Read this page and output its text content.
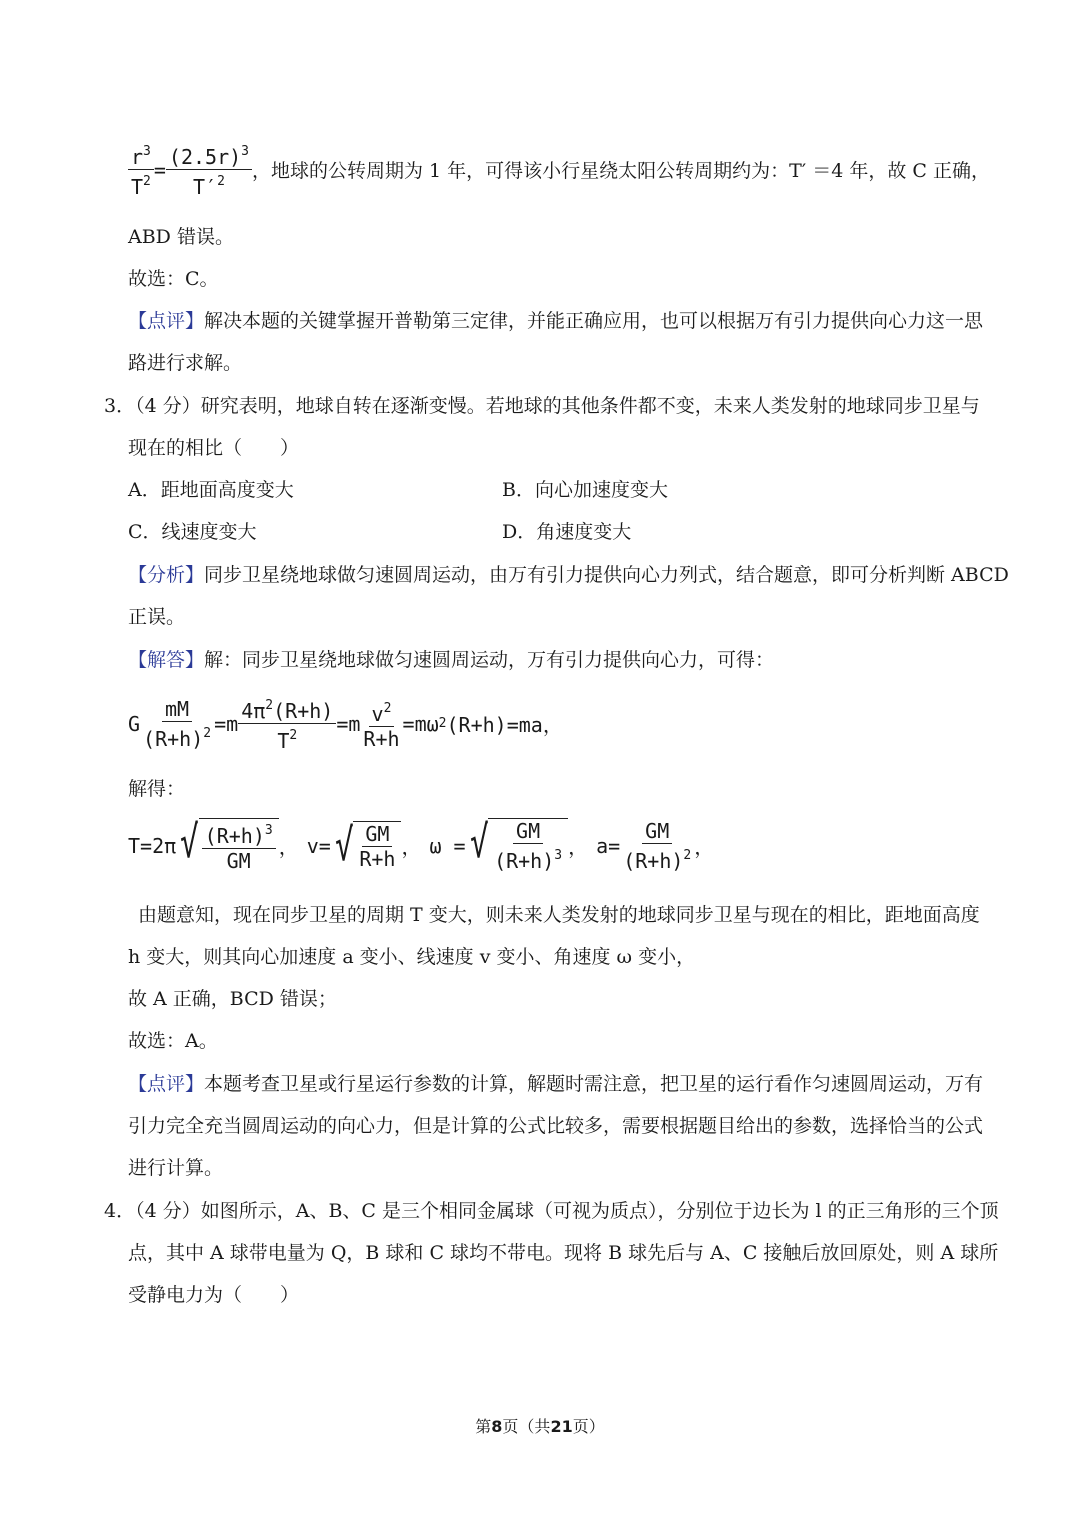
$\frac{r^3}{T^2} = \frac{(2.5r)^3}{T'^2}$ ，地球的公转周期为 1 年，可得该小行星绕太阳公转周期约为：T′ ＝4 年，故 C 正确，
ABD 错误。
故选：C。
【点评】解决本题的关键掌握开普勒第三定律，并能正确应用，也可以根据万有引力提供向心力这一思
路进行求解。
3．（4 分）研究表明，地球自转在逐渐变慢。若地球的其他条件都不变，未来人类发射的地球同步卫星与
现在的相比（　　）
A．距地面高度变大	B．向心加速度变大
C．线速度变大	D．角速度变大
【分析】同步卫星绕地球做匀速圆周运动，由万有引力提供向心力列式，结合题意，即可分析判断 ABCD
正误。
【解答】解：同步卫星绕地球做匀速圆周运动，万有引力提供向心力，可得：
G $\frac{mM}{(R+h)^2} =m \frac{4\pi^2(R+h)}{T^2} =m \frac{v^2}{R+h} =m\omega$ 2 (R+h)=ma，
解得：
T=2π √ $\frac{(R+h)^3}{GM}$ ， v= √ $\frac{GM}{R+h}$ ， ω = √ $\frac{GM}{(R+h)^3}$ ， $a= \frac{GM}{(R+h)^2}$ ，
由题意知，现在同步卫星的周期 T 变大，则未来人类发射的地球同步卫星与现在的相比，距地面高度
h 变大，则其向心加速度 a 变小、线速度 v 变小、角速度 ω 变小，
故 A 正确，BCD 错误；
故选：A。
【点评】本题考查卫星或行星运行参数的计算，解题时需注意，把卫星的运行看作匀速圆周运动，万有
引力完全充当圆周运动的向心力，但是计算的公式比较多，需要根据题目给出的参数，选择恰当的公式
进行计算。
4．（4 分）如图所示，A、B、C 是三个相同金属球（可视为质点），分别位于边长为 l 的正三角形的三个顶
点，其中 A 球带电量为 Q，B 球和 C 球均不带电。现将 B 球先后与 A、C 接触后放回原处，则 A 球所
受静电力为（　　）
第8页（共21页）
